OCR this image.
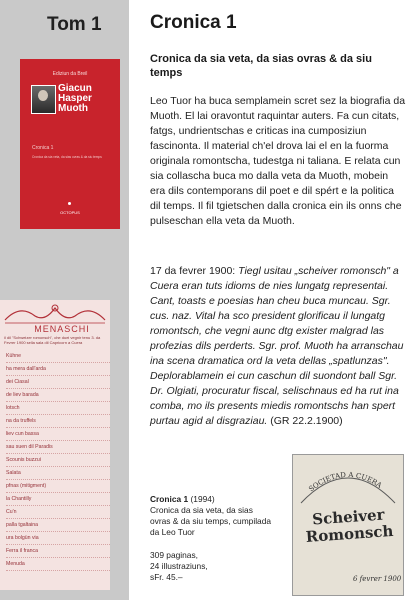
Tom 1
Ediziun da Breil
Giacun
Hasper
Muoth
Cronica 1
Cronica da sia veta, da sias ovras & da siu temps
OCTOPUS
MENASCHI
il dil "Schweizer romonsch", che duei vegnir tenu 3. da Fevrer 1900 sella sala dil Capricorn a Cuera
Kühne
ha mera dall'arda
dei Ciasal
de liev barada
lotsch
na da truffels
liev cun bassa
sau suen dil Paradis
Scounis buzzui
Salata
pfnas (mitigment)
la Chantilly
Cu'n
palla tgaltaina
ura bolgün via
Ferra il franca
Menuda
Cronica 1
Cronica da sia veta, da sias ovras & da siu temps

Leo Tuor ha buca semplamein scret sez la biografia da Muoth. El lai oravontut raquintar auters. Fa cun citats, fatgs, undrientschas e criticas ina cumposiziun fascinonta. Il material ch'el drova lai el en la fuorma originala romontscha, tudestga ni taliana. E relata cun sia collascha buca mo dalla veta da Muoth, mobein era dils contemporans dil poet e dil spért e la politica dil temps. Il fil tgietschen dalla cronica ein ils onns che pulseschan ella veta da Muoth.

17 da fevrer 1900: Tiegl usitau „scheiver romonsch" a Cuera eran tuts idioms de nies lungatg representai. Cant, toasts e poesias han cheu buca muncau. Sgr. cus. naz. Vital ha sco president glorificau il lungatg romontsch, che vegni aunc dtg exister malgrad las profezias dils perderts. Sgr. prof. Muoth ha arranschau ina scena dramatica ord la veta dellas „spatlunzas". Deplorablamein ei cun caschun dil suondont ball Sgr. Dr. Olgiati, procuratur fiscal, selischnaus ed ha rut ina comba, mo ils presents miedis romontschs han spert purtau agid al disgraziau. (GR 22.2.1900)

Cronica 1 (1994)
Cronica da sia veta, da sias ovras & da siu temps, cumpilada da Leo Tuor
309 paginas,
24 illustraziuns,
sFr. 45.–
SOCIETAD A CUERA
Scheiver Romonsch
6 fevrer 1900
